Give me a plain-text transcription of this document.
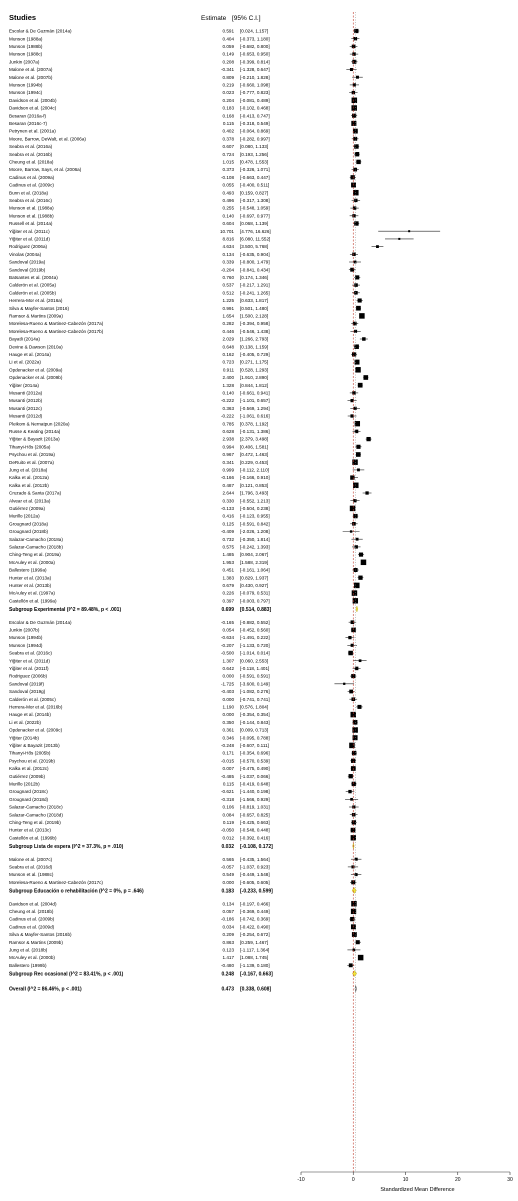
Studies	Estimate [95% C.I.]
Escolar & De Guzmán (2014a)	0.591 [0.024, 1.157]
Munson (1988a)	0.404 [-0.373, 1.180]
Munson (1988b)	0.059 [-0.682, 0.800]
Munson (1988c)	0.149 [-0.653, 0.950]
Junkin (2007a)	0.208 [-0.399, 0.814]
Malone et al. (2007a)	-0.341 [-1.328, 0.647]
Malone et al. (2007b)	0.809 [-0.210, 1.828]
Munson (1994b)	0.219 [-0.660, 1.098]
Munson (1994c)	0.023 [-0.777, 0.823]
Davidson et al. (2004b)	0.204 [-0.081, 0.489]
Davidson et al. (2004c)	0.183 [-0.102, 0.468]
Besaran (2016a-f)	0.168 [-0.413, 0.747]
Besaran (2016c-7)	0.115 [-0.318, 0.549]
Petrynen et al. (2001a)	0.402 [-0.064, 0.869]
Moore, Barrow, DeWalt, et al. (2006a)	0.378 [-0.282, 0.997]
Seabra et al. (2016a)	0.607 [0.080, 1.133]
Seabra et al. (2016b)	0.724 [0.193, 1.256]
Cheung et al. (2018a)	1.015 [0.478, 1.553]
Moore, Barrow, Says, et al. (2006a)	0.373 [-0.326, 1.071]
Cadinus et al. (2009a)	-0.108 [-0.663, 0.447]
Cadinus et al. (2009c)	0.055 [-0.400, 0.511]
Bunn et al. (2018a)	0.493 [0.159, 0.827]
Seabra et al. (2016c)	0.496 [-0.317, 1.308]
Munson et al. (1988a)	0.255 [-0.548, 1.059]
Munson et al. (1988b)	0.140 [-0.697, 0.977]
Russell et al. (2014a)	0.604 [0.068, 1.139]
Yiğiter et al. (2011c)	10.701 [4.776, 16.626]
Yiğiter et al. (2011d)	8.816 [6.080, 11.552]
Rodriguez (2006a)	4.634 [3.500, 5.768]
Vinolas (2004a)	0.134 [-0.635, 0.904]
Sandoval (2019a)	0.339 [-0.800, 1.479]
Sandoval (2019b)	-0.204 [-0.841, 0.434]
Batsantes et al. (2004a)	0.760 [0.174, 1.346]
Calderón et al. (2005a)	0.537 [-0.217, 1.291]
Calderón et al. (2005b)	0.512 [-0.241, 1.265]
Herrera-Mor et al. (2016a)	1.225 [0.633, 1.817]
Silva & Mayfer-Santos (2016)	0.991 [0.501, 1.480]
Ramsor & Martins (2009a)	1.654 [1.500, 2.128]
Morelesa-Rueno & Martinez-Cabezón (2017a)	0.282 [-0.394, 0.958]
Morelesa-Rueno & Martinez-Cabezón (2017b)	0.446 [-0.546, 1.438]
Bayatli (2014a)	2.029 [1.266, 2.793]
Devine & Dawson (2010a)	0.648 [0.138, 1.159]
Hauge et al. (2014a)	0.162 [-0.405, 0.729]
Li et al. (2022a)	0.723 [0.271, 1.175]
Opdenacker et al. (2009a)	0.911 [0.528, 1.293]
Opdenacker et al. (2009b)	2.400 [1.910, 2.890]
Yiğiter (2014a)	1.328 [0.844, 1.812]
Musanti (2012a)	0.140 [-0.661, 0.941]
Musanti (2012b)	-0.222 [-1.101, 0.657]
Musanti (2012c)	0.363 [-0.569, 1.294]
Musanti (2012d)	-0.222 [-1.061, 0.616]
Pleikom & Nernatpun (2020a)	0.785 [0.378, 1.192]
Russe & Keating (2014a)	0.628 [-0.131, 1.386]
Yiğiter & Bayazit (2013a)	2.938 [2.379, 3.498]
Tihanyi-Hős (2005a)	0.994 [0.406, 1.581]
Psychou et al. (2019a)	0.967 [0.472, 1.463]
DeRuito et al. (2007a)	0.341 [0.229, 0.453]
Jung et al. (2018a)	0.999 [-0.112, 2.110]
Kalka et al. (2012a)	-0.166 [-0.166, 0.910]
Kalka et al. (2012b)	0.487 [0.121, 0.853]
Cruzado & Santa (2017a)	2.644 [1.796, 3.493]
Alvear et al. (2013a)	0.330 [-0.552, 1.213]
Gutiérrez (2009a)	-0.133 [-0.504, 0.238]
Murillo (2012a)	0.416 [-0.123, 0.955]
Grougnard (2018a)	0.125 [-0.591, 0.842]
Grougnard (2018b)	-0.409 [-2.026, 1.208]
Salazar-Camacho (2018a)	0.732 [-0.350, 1.814]
Salazar-Camacho (2018b)	0.575 [-0.242, 1.393]
Ching-Teng et al. (2019a)	1.485 [0.904, 2.067]
McAuley et al. (2000a)	1.953 [1.588, 2.319]
Ballestero (1999a)	0.451 [-0.161, 1.064]
Hunter et al. (2013a)	1.383 [0.829, 1.937]
Hunter et al. (2013b)	0.679 [0.430, 0.927]
McAuley et al. (1997a)	0.226 [-0.079, 0.531]
Castellón et al. (1999a)	0.397 [-0.003, 0.797]
Subgroup Experimental (I^2 = 89.48%, p < .001)	0.699 [0.514, 0.883]
Escolar & De Guzmán (2014a)	-0.165 [-0.882, 0.552]
Junkin (2007b)	0.054 [-0.452, 0.560]
Munson (1994b)	-0.634 [-1.491, 0.222]
Munson (1994d)	-0.207 [-1.133, 0.720]
Seabra et al. (2016c)	-0.500 [-1.014, 0.014]
Yiğiter et al. (2011d)	1.307 [0.060, 2.553]
Yiğiter et al. (2011f)	0.642 [-0.118, 1.401]
Rodriguez (2006b)	0.000 [-0.591, 0.591]
Sandoval (2019f)	-1.725 [-3.600, 0.149]
Sandoval (2019g)	-0.403 [-1.082, 0.276]
Calderón et al. (2005c)	0.000 [-0.741, 0.741]
Herrera-Mor et al. (2016b)	1.190 [0.576, 1.804]
Hauge et al. (2014b)	0.000 [-0.354, 0.354]
Li et al. (2022b)	0.350 [-0.144, 0.843]
Opdenacker et al. (2009c)	0.361 [0.009, 0.713]
Yiğiter (2014b)	0.346 [-0.095, 0.788]
Yiğiter & Bayazit (2013b)	-0.248 [-0.607, 0.111]
Tihanyi-Hős (2005b)	0.171 [-0.354, 0.696]
Psychou et al. (2019b)	-0.015 [-0.570, 0.539]
Kalka et al. (2012c)	0.007 [-0.475, 0.490]
Gutiérrez (2009b)	-0.485 [-1.037, 0.066]
Murillo (2012b)	0.115 [-0.419, 0.648]
Grougnard (2018c)	-0.621 [-1.440, 0.198]
Grougnard (2018d)	-0.318 [-1.566, 0.929]
Salazar-Camacho (2018c)	0.106 [-0.819, 1.031]
Salazar-Camacho (2018d)	0.084 [-0.657, 0.825]
Ching-Teng et al. (2019b)	0.119 [-0.425, 0.663]
Hunter et al. (2013c)	-0.050 [-0.548, 0.448]
Castellón et al. (1999b)	0.012 [-0.392, 0.416]
Subgroup Lista de espera (I^2 = 37.3%, p = .010)	0.032 [-0.108, 0.172]
Malone et al. (2007c)	0.565 [-0.435, 1.564]
Seabra et al. (2016d)	-0.057 [-1.037, 0.923]
Munson et al. (1988c)	0.549 [-0.449, 1.548]
Morelesa-Rueno & Martinez-Cabezón (2017c)	0.000 [-0.605, 0.605]
Subgroup Educación o rehabilitación (I^2 = 0%, p = .646)	0.183 [-0.233, 0.599]
Davidson et al. (2004d)	0.134 [-0.197, 0.466]
Cheung et al. (2018b)	0.057 [-0.369, 0.449]
Cadinus et al. (2009b)	-0.186 [-0.742, 0.369]
Cadinus et al. (2009d)	0.034 [-0.422, 0.490]
Silva & Mayfer-Santos (2016b)	0.209 [-0.254, 0.672]
Ramsor & Martins (2009b)	0.863 [0.259, 1.467]
Jung et al. (2018b)	0.123 [-1.117, 1.364]
McAuley et al. (2000b)	1.417 [1.088, 1.745]
Ballestero (1999b)	-0.480 [-1.139, 0.180]
Subgroup Rec ocasional (I^2 = 83.41%, p < .001)	0.248 [-0.167, 0.663]
Overall (I^2 = 86.46%, p < .001)	0.473 [0.338, 0.608]
-10	0	10	20	30
Standardized Mean Difference
